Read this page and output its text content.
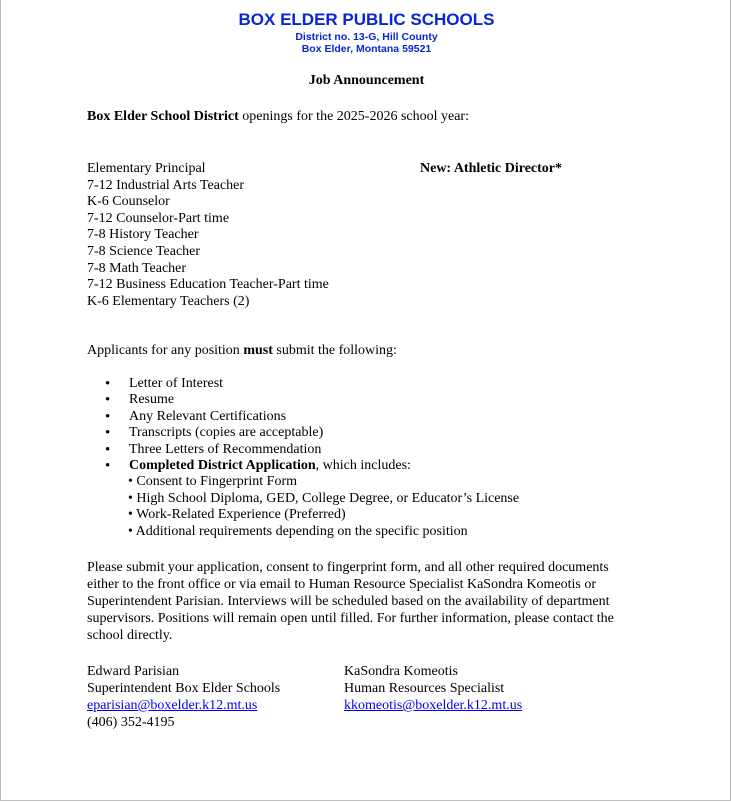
BOX ELDER PUBLIC SCHOOLS
District no. 13-G, Hill County
Box Elder, Montana 59521
Job Announcement
Box Elder School District openings for the 2025-2026 school year:
Elementary Principal
7-12 Industrial Arts Teacher
K-6 Counselor
7-12 Counselor-Part time
7-8 History Teacher
7-8 Science Teacher
7-8 Math Teacher
7-12 Business Education Teacher-Part time
K-6 Elementary Teachers (2)
New: Athletic Director*
Applicants for any position must submit the following:
• Letter of Interest
• Resume
• Any Relevant Certifications
• Transcripts (copies are acceptable)
• Three Letters of Recommendation
• Completed District Application, which includes:
• Consent to Fingerprint Form
• High School Diploma, GED, College Degree, or Educator’s License
• Work-Related Experience (Preferred)
• Additional requirements depending on the specific position
Please submit your application, consent to fingerprint form, and all other required documents either to the front office or via email to Human Resource Specialist KaSondra Komeotis or Superintendent Parisian. Interviews will be scheduled based on the availability of department supervisors. Positions will remain open until filled. For further information, please contact the school directly.
Edward Parisian
Superintendent Box Elder Schools
eparisian@boxelder.k12.mt.us
(406) 352-4195
KaSondra Komeotis
Human Resources Specialist
kkomeotis@boxelder.k12.mt.us
